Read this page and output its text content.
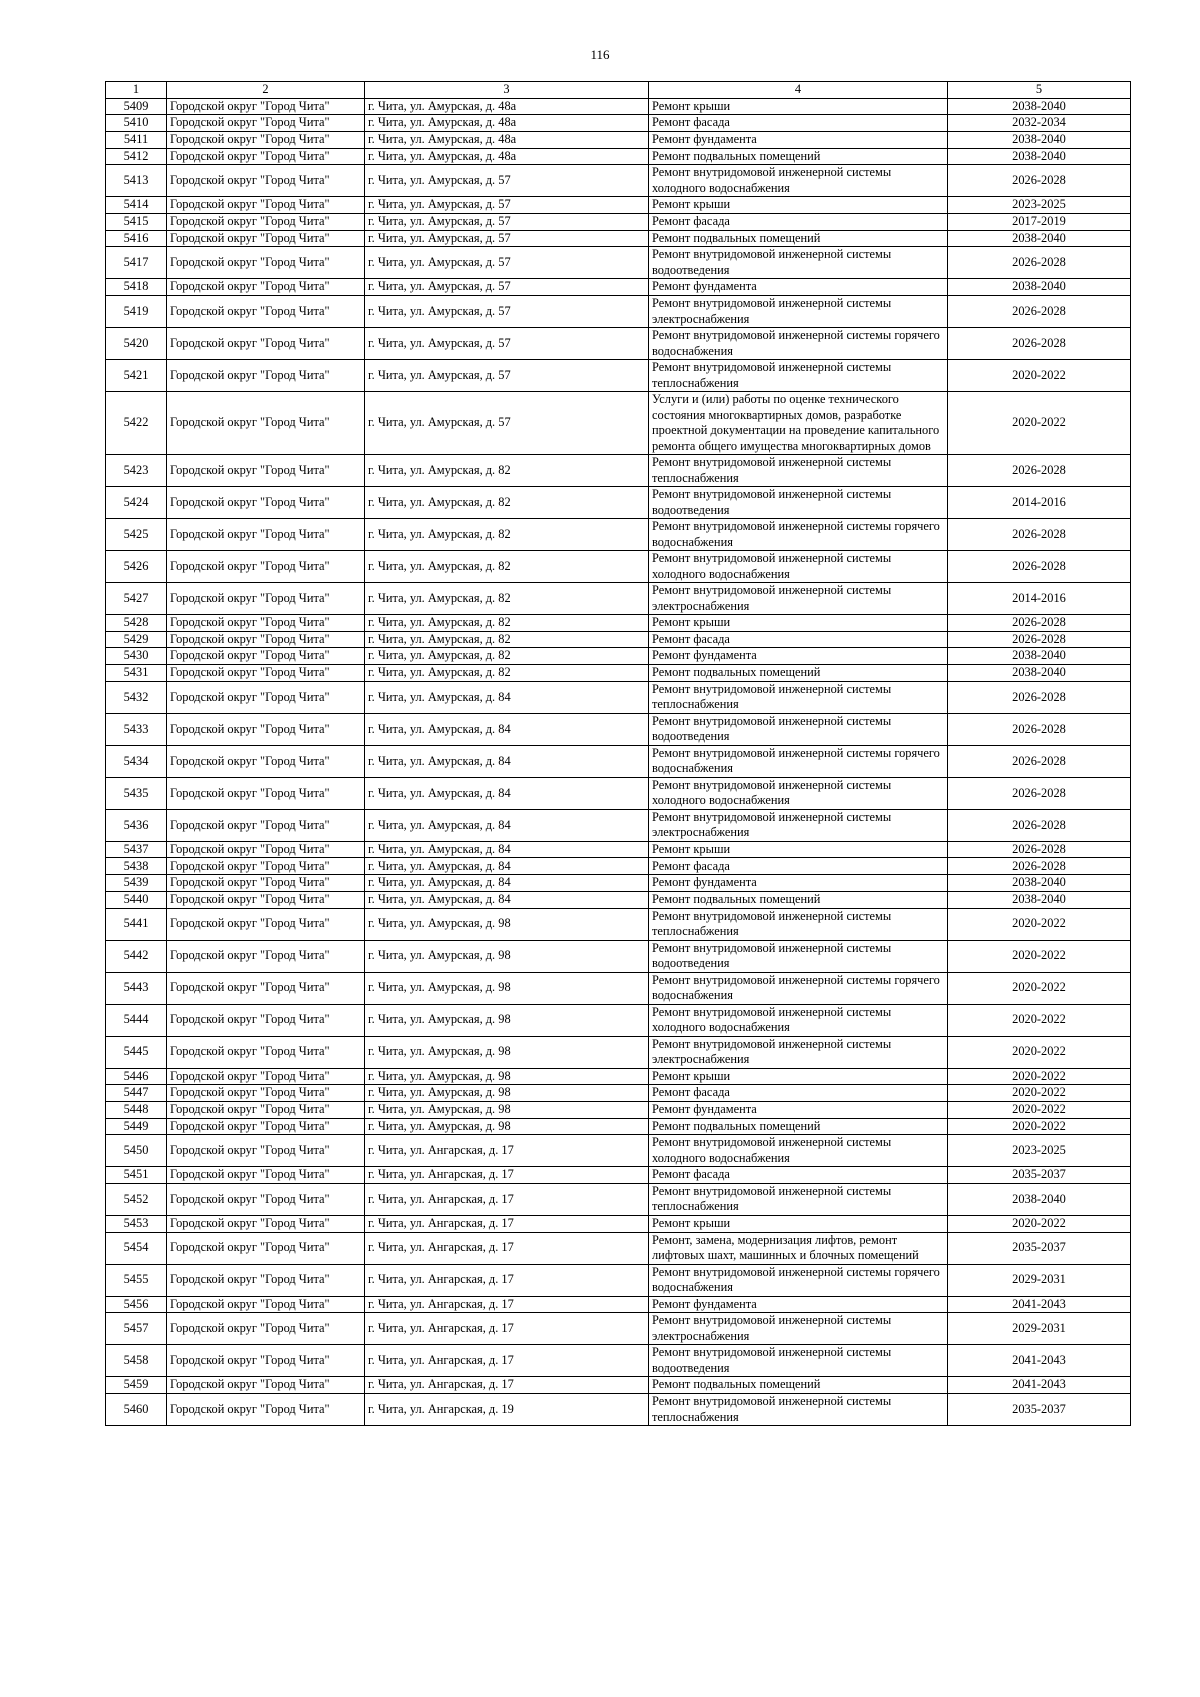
116
1	2	3	4	5
5409	Городской округ "Город Чита"	г. Чита, ул. Амурская, д. 48а	Ремонт крыши	2038-2040
5410	Городской округ "Город Чита"	г. Чита, ул. Амурская, д. 48а	Ремонт фасада	2032-2034
5411	Городской округ "Город Чита"	г. Чита, ул. Амурская, д. 48а	Ремонт фундамента	2038-2040
5412	Городской округ "Город Чита"	г. Чита, ул. Амурская, д. 48а	Ремонт подвальных помещений	2038-2040
5413	Городской округ "Город Чита"	г. Чита, ул. Амурская, д. 57	Ремонт внутридомовой инженерной системы холодного водоснабжения	2026-2028
5414	Городской округ "Город Чита"	г. Чита, ул. Амурская, д. 57	Ремонт крыши	2023-2025
5415	Городской округ "Город Чита"	г. Чита, ул. Амурская, д. 57	Ремонт фасада	2017-2019
5416	Городской округ "Город Чита"	г. Чита, ул. Амурская, д. 57	Ремонт подвальных помещений	2038-2040
5417	Городской округ "Город Чита"	г. Чита, ул. Амурская, д. 57	Ремонт внутридомовой инженерной системы водоотведения	2026-2028
5418	Городской округ "Город Чита"	г. Чита, ул. Амурская, д. 57	Ремонт фундамента	2038-2040
5419	Городской округ "Город Чита"	г. Чита, ул. Амурская, д. 57	Ремонт внутридомовой инженерной системы электроснабжения	2026-2028
5420	Городской округ "Город Чита"	г. Чита, ул. Амурская, д. 57	Ремонт внутридомовой инженерной системы горячего водоснабжения	2026-2028
5421	Городской округ "Город Чита"	г. Чита, ул. Амурская, д. 57	Ремонт внутридомовой инженерной системы теплоснабжения	2020-2022
5422	Городской округ "Город Чита"	г. Чита, ул. Амурская, д. 57	Услуги и (или) работы по оценке технического состояния многоквартирных домов, разработке проектной документации на проведение капитального ремонта общего имущества многоквартирных домов	2020-2022
5423	Городской округ "Город Чита"	г. Чита, ул. Амурская, д. 82	Ремонт внутридомовой инженерной системы теплоснабжения	2026-2028
5424	Городской округ "Город Чита"	г. Чита, ул. Амурская, д. 82	Ремонт внутридомовой инженерной системы водоотведения	2014-2016
5425	Городской округ "Город Чита"	г. Чита, ул. Амурская, д. 82	Ремонт внутридомовой инженерной системы горячего водоснабжения	2026-2028
5426	Городской округ "Город Чита"	г. Чита, ул. Амурская, д. 82	Ремонт внутридомовой инженерной системы холодного водоснабжения	2026-2028
5427	Городской округ "Город Чита"	г. Чита, ул. Амурская, д. 82	Ремонт внутридомовой инженерной системы электроснабжения	2014-2016
5428	Городской округ "Город Чита"	г. Чита, ул. Амурская, д. 82	Ремонт крыши	2026-2028
5429	Городской округ "Город Чита"	г. Чита, ул. Амурская, д. 82	Ремонт фасада	2026-2028
5430	Городской округ "Город Чита"	г. Чита, ул. Амурская, д. 82	Ремонт фундамента	2038-2040
5431	Городской округ "Город Чита"	г. Чита, ул. Амурская, д. 82	Ремонт подвальных помещений	2038-2040
5432	Городской округ "Город Чита"	г. Чита, ул. Амурская, д. 84	Ремонт внутридомовой инженерной системы теплоснабжения	2026-2028
5433	Городской округ "Город Чита"	г. Чита, ул. Амурская, д. 84	Ремонт внутридомовой инженерной системы водоотведения	2026-2028
5434	Городской округ "Город Чита"	г. Чита, ул. Амурская, д. 84	Ремонт внутридомовой инженерной системы горячего водоснабжения	2026-2028
5435	Городской округ "Город Чита"	г. Чита, ул. Амурская, д. 84	Ремонт внутридомовой инженерной системы холодного водоснабжения	2026-2028
5436	Городской округ "Город Чита"	г. Чита, ул. Амурская, д. 84	Ремонт внутридомовой инженерной системы электроснабжения	2026-2028
5437	Городской округ "Город Чита"	г. Чита, ул. Амурская, д. 84	Ремонт крыши	2026-2028
5438	Городской округ "Город Чита"	г. Чита, ул. Амурская, д. 84	Ремонт фасада	2026-2028
5439	Городской округ "Город Чита"	г. Чита, ул. Амурская, д. 84	Ремонт фундамента	2038-2040
5440	Городской округ "Город Чита"	г. Чита, ул. Амурская, д. 84	Ремонт подвальных помещений	2038-2040
5441	Городской округ "Город Чита"	г. Чита, ул. Амурская, д. 98	Ремонт внутридомовой инженерной системы теплоснабжения	2020-2022
5442	Городской округ "Город Чита"	г. Чита, ул. Амурская, д. 98	Ремонт внутридомовой инженерной системы водоотведения	2020-2022
5443	Городской округ "Город Чита"	г. Чита, ул. Амурская, д. 98	Ремонт внутридомовой инженерной системы горячего водоснабжения	2020-2022
5444	Городской округ "Город Чита"	г. Чита, ул. Амурская, д. 98	Ремонт внутридомовой инженерной системы холодного водоснабжения	2020-2022
5445	Городской округ "Город Чита"	г. Чита, ул. Амурская, д. 98	Ремонт внутридомовой инженерной системы электроснабжения	2020-2022
5446	Городской округ "Город Чита"	г. Чита, ул. Амурская, д. 98	Ремонт крыши	2020-2022
5447	Городской округ "Город Чита"	г. Чита, ул. Амурская, д. 98	Ремонт фасада	2020-2022
5448	Городской округ "Город Чита"	г. Чита, ул. Амурская, д. 98	Ремонт фундамента	2020-2022
5449	Городской округ "Город Чита"	г. Чита, ул. Амурская, д. 98	Ремонт подвальных помещений	2020-2022
5450	Городской округ "Город Чита"	г. Чита, ул. Ангарская, д. 17	Ремонт внутридомовой инженерной системы холодного водоснабжения	2023-2025
5451	Городской округ "Город Чита"	г. Чита, ул. Ангарская, д. 17	Ремонт фасада	2035-2037
5452	Городской округ "Город Чита"	г. Чита, ул. Ангарская, д. 17	Ремонт внутридомовой инженерной системы теплоснабжения	2038-2040
5453	Городской округ "Город Чита"	г. Чита, ул. Ангарская, д. 17	Ремонт крыши	2020-2022
5454	Городской округ "Город Чита"	г. Чита, ул. Ангарская, д. 17	Ремонт, замена, модернизация лифтов, ремонт лифтовых шахт, машинных и блочных помещений	2035-2037
5455	Городской округ "Город Чита"	г. Чита, ул. Ангарская, д. 17	Ремонт внутридомовой инженерной системы горячего водоснабжения	2029-2031
5456	Городской округ "Город Чита"	г. Чита, ул. Ангарская, д. 17	Ремонт фундамента	2041-2043
5457	Городской округ "Город Чита"	г. Чита, ул. Ангарская, д. 17	Ремонт внутридомовой инженерной системы электроснабжения	2029-2031
5458	Городской округ "Город Чита"	г. Чита, ул. Ангарская, д. 17	Ремонт внутридомовой инженерной системы водоотведения	2041-2043
5459	Городской округ "Город Чита"	г. Чита, ул. Ангарская, д. 17	Ремонт подвальных помещений	2041-2043
5460	Городской округ "Город Чита"	г. Чита, ул. Ангарская, д. 19	Ремонт внутридомовой инженерной системы теплоснабжения	2035-2037
